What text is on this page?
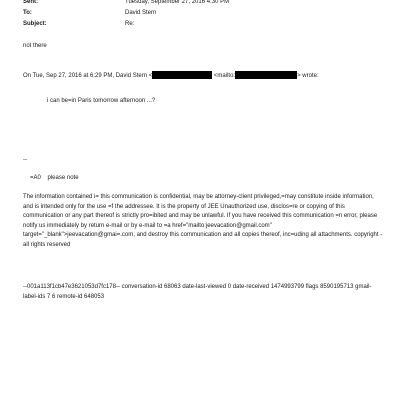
Sent:	Tuesday, September 27, 2016 4:30 PM
To:	David Stern
Subject:	Re:
not there
On Tue, Sep 27, 2016 at 6:29 PM, David Stern <	<mailto:	> wrote:
i can be=in Paris tomorrow afternoon ...?
--
=A0 please note
The information contained i= this communication is confidential, may be attorney-client privileged,=may constitute inside information, and is intended only for the use =f the addressee. It is the property of JEE Unauthorized use, disclos=re or copying of this communication or any part thereof is strictly pro=ibited and may be unlawful. If you have received this communication =n error, please notify us immediately by return e-mail or by e-mail to =a href="mailto:jeevacation@gmail.com" target="_blank">jeevacation@gmai=.com, and destroy this communication and all copies thereof, inc=uding all attachments. copyright -all rights reserved
--001a113f1cb47e3621053d7fc178-- conversation-id 68063 date-last-viewed 0 date-received 1474993799 flags 8590195713 gmail-label-ids 7 6 remote-id 648053
